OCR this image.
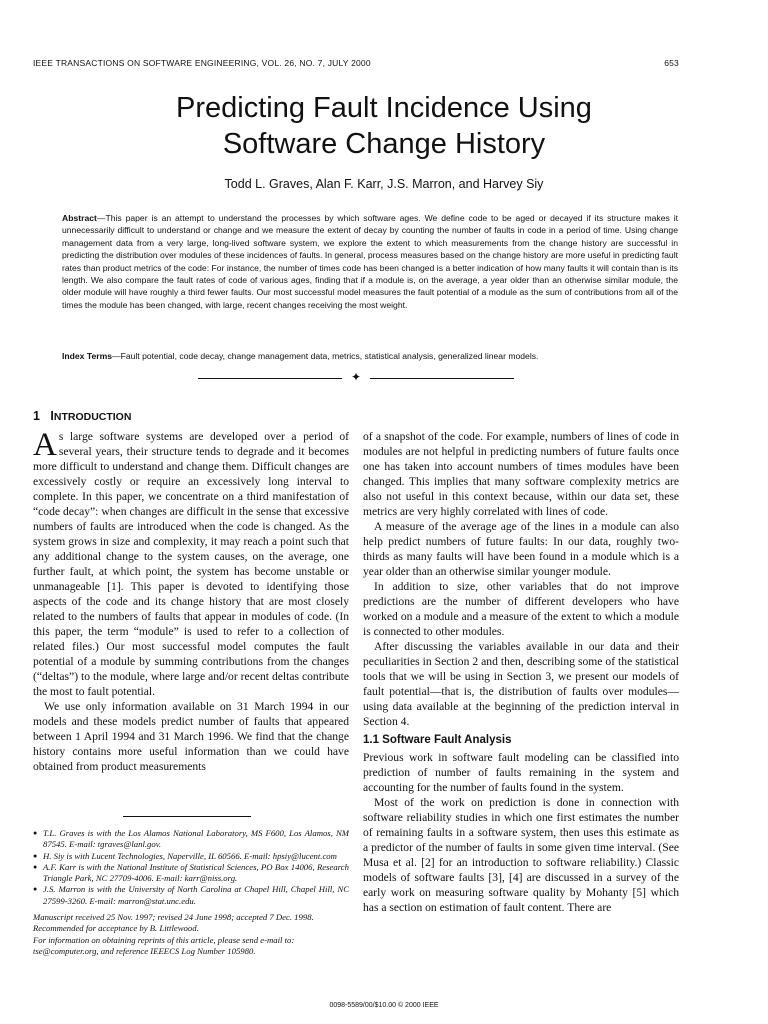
IEEE TRANSACTIONS ON SOFTWARE ENGINEERING, VOL. 26, NO. 7, JULY 2000	653
Predicting Fault Incidence Using
Software Change History
Todd L. Graves, Alan F. Karr, J.S. Marron, and Harvey Siy
Abstract—This paper is an attempt to understand the processes by which software ages. We define code to be aged or decayed if its structure makes it unnecessarily difficult to understand or change and we measure the extent of decay by counting the number of faults in code in a period of time. Using change management data from a very large, long-lived software system, we explore the extent to which measurements from the change history are successful in predicting the distribution over modules of these incidences of faults. In general, process measures based on the change history are more useful in predicting fault rates than product metrics of the code: For instance, the number of times code has been changed is a better indication of how many faults it will contain than is its length. We also compare the fault rates of code of various ages, finding that if a module is, on the average, a year older than an otherwise similar module, the older module will have roughly a third fewer faults. Our most successful model measures the fault potential of a module as the sum of contributions from all of the times the module has been changed, with large, recent changes receiving the most weight.
Index Terms—Fault potential, code decay, change management data, metrics, statistical analysis, generalized linear models.
✦
1 INTRODUCTION

As large software systems are developed over a period of several years, their structure tends to degrade and it becomes more difficult to understand and change them. Difficult changes are excessively costly or require an excessively long interval to complete. In this paper, we concentrate on a third manifestation of “code decay”: when changes are difficult in the sense that excessive numbers of faults are introduced when the code is changed. As the system grows in size and complexity, it may reach a point such that any additional change to the system causes, on the average, one further fault, at which point, the system has become unstable or unmanageable [1]. This paper is devoted to identifying those aspects of the code and its change history that are most closely related to the numbers of faults that appear in modules of code. (In this paper, the term “module” is used to refer to a collection of related files.) Our most successful model computes the fault potential of a module by summing contributions from the changes (“deltas”) to the module, where large and/or recent deltas contribute the most to fault potential.

We use only information available on 31 March 1994 in our models and these models predict number of faults that appeared between 1 April 1994 and 31 March 1996. We find that the change history contains more useful information than we could have obtained from product measurements

of a snapshot of the code. For example, numbers of lines of code in modules are not helpful in predicting numbers of future faults once one has taken into account numbers of times modules have been changed. This implies that many software complexity metrics are also not useful in this context because, within our data set, these metrics are very highly correlated with lines of code.

A measure of the average age of the lines in a module can also help predict numbers of future faults: In our data, roughly two-thirds as many faults will have been found in a module which is a year older than an otherwise similar younger module.

In addition to size, other variables that do not improve predictions are the number of different developers who have worked on a module and a measure of the extent to which a module is connected to other modules.

After discussing the variables available in our data and their peculiarities in Section 2 and then, describing some of the statistical tools that we will be using in Section 3, we present our models of fault potential—that is, the distribution of faults over modules—using data available at the beginning of the prediction interval in Section 4.

1.1 Software Fault Analysis

Previous work in software fault modeling can be classified into prediction of number of faults remaining in the system and accounting for the number of faults found in the system.

Most of the work on prediction is done in connection with software reliability studies in which one first estimates the number of remaining faults in a software system, then uses this estimate as a predictor of the number of faults in some given time interval. (See Musa et al. [2] for an introduction to software reliability.) Classic models of software faults [3], [4] are discussed in a survey of the early work on measuring software quality by Mohanty [5] which has a section on estimation of fault content. There are

● T.L. Graves is with the Los Alamos National Laboratory, MS F600, Los Alamos, NM 87545. E-mail: tgraves@lanl.gov.
● H. Siy is with Lucent Technologies, Naperville, IL 60566. E-mail: hpsiy@lucent.com
● A.F. Karr is with the National Institute of Statistical Sciences, PO Box 14006, Research Triangle Park, NC 27709-4006. E-mail: karr@niss.org.
● J.S. Marron is with the University of North Carolina at Chapel Hill, Chapel Hill, NC 27599-3260. E-mail: marron@stat.unc.edu.
Manuscript received 25 Nov. 1997; revised 24 June 1998; accepted 7 Dec. 1998.
Recommended for acceptance by B. Littlewood.
For information on obtaining reprints of this article, please send e-mail to: tse@computer.org, and reference IEEECS Log Number 105980.
0098-5589/00/$10.00 © 2000 IEEE
